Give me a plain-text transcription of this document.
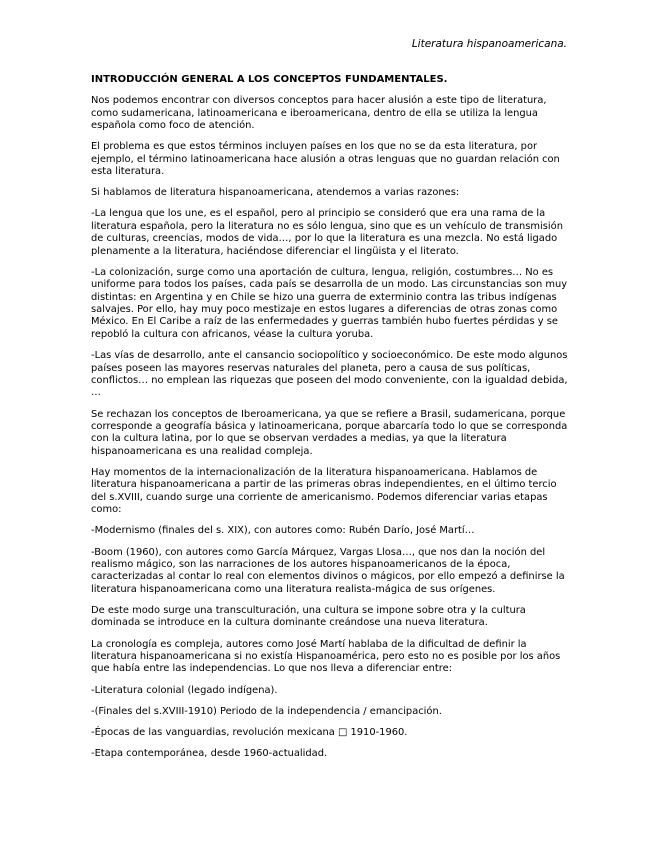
Literatura hispanoamericana.

INTRODUCCIÓN GENERAL A LOS CONCEPTOS FUNDAMENTALES.

Nos podemos encontrar con diversos conceptos para hacer alusión a este tipo de literatura, como sudamericana, latinoamericana e iberoamericana, dentro de ella se utiliza la lengua española como foco de atención.

El problema es que estos términos incluyen países en los que no se da esta literatura, por ejemplo, el término latinoamericana hace alusión a otras lenguas que no guardan relación con esta literatura.

Si hablamos de literatura hispanoamericana, atendemos a varias razones:

-La lengua que los une, es el español, pero al principio se consideró que era una rama de la literatura española, pero la literatura no es sólo lengua, sino que es un vehículo de transmisión de culturas, creencias, modos de vida…, por lo que la literatura es una mezcla. No está ligado plenamente a la literatura, haciéndose diferenciar el lingüista y el literato.

-La colonización, surge como una aportación de cultura, lengua, religión, costumbres… No es uniforme para todos los países, cada país se desarrolla de un modo. Las circunstancias son muy distintas: en Argentina y en Chile se hizo una guerra de exterminio contra las tribus indígenas salvajes. Por ello, hay muy poco mestizaje en estos lugares a diferencias de otras zonas como México. En El Caribe a raíz de las enfermedades y guerras también hubo fuertes pérdidas y se repobló la cultura con africanos, véase la cultura yoruba.

-Las vías de desarrollo, ante el cansancio sociopolítico y socioeconómico. De este modo algunos países poseen las mayores reservas naturales del planeta, pero a causa de sus políticas, conflictos… no emplean las riquezas que poseen del modo conveniente, con la igualdad debida, …

Se rechazan los conceptos de Iberoamericana, ya que se refiere a Brasil, sudamericana, porque corresponde a geografía básica y latinoamericana, porque abarcaría todo lo que se corresponda con la cultura latina, por lo que se observan verdades a medias, ya que la literatura hispanoamericana es una realidad compleja.

Hay momentos de la internacionalización de la literatura hispanoamericana. Hablamos de literatura hispanoamericana a partir de las primeras obras independientes, en el último tercio del s.XVIII, cuando surge una corriente de americanismo. Podemos diferenciar varias etapas como:

-Modernismo (finales del s. XIX), con autores como: Rubén Darío, José Martí…

-Boom (1960), con autores como García Márquez, Vargas Llosa…, que nos dan la noción del realismo mágico, son las narraciones de los autores hispanoamericanos de la época, caracterizadas al contar lo real con elementos divinos o mágicos, por ello empezó a definirse la literatura hispanoamericana como una literatura realista-mágica de sus orígenes.

De este modo surge una transculturación, una cultura se impone sobre otra y la cultura dominada se introduce en la cultura dominante creándose una nueva literatura.

La cronología es compleja, autores como José Martí hablaba de la dificultad de definir la literatura hispanoamericana si no existía Hispanoamérica, pero esto no es posible por los años que había entre las independencias. Lo que nos lleva a diferenciar entre:

-Literatura colonial (legado indígena).

-(Finales del s.XVIII-1910) Periodo de la independencia / emancipación.

-Épocas de las vanguardias, revolución mexicana □ 1910-1960.

-Etapa contemporánea, desde 1960-actualidad.
